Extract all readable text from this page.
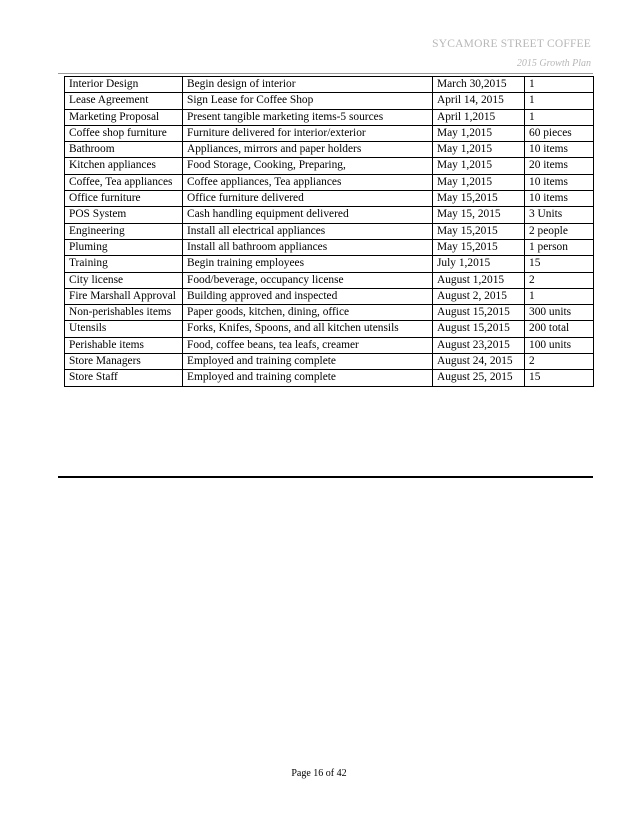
SYCAMORE STREET COFFEE
2015 Growth Plan
Interior Design	Begin design of interior	March 30,2015	1
Lease Agreement	Sign Lease for Coffee Shop	April 14, 2015	1
Marketing Proposal	Present tangible marketing items-5 sources	April 1,2015	1
Coffee shop furniture	Furniture delivered for interior/exterior	May 1,2015	60 pieces
Bathroom	Appliances, mirrors and paper holders	May 1,2015	10 items
Kitchen appliances	Food Storage, Cooking, Preparing,	May 1,2015	20 items
Coffee, Tea appliances	Coffee appliances, Tea appliances	May 1,2015	10 items
Office furniture	Office furniture delivered	May 15,2015	10 items
POS System	Cash handling equipment delivered	May 15, 2015	3 Units
Engineering	Install all electrical appliances	May 15,2015	2 people
Pluming	Install all bathroom appliances	May 15,2015	1 person
Training	Begin training employees	July 1,2015	15
City license	Food/beverage, occupancy license	August 1,2015	2
Fire Marshall Approval	Building approved and inspected	August 2, 2015	1
Non-perishables items	Paper goods, kitchen, dining, office	August 15,2015	300 units
Utensils	Forks, Knifes, Spoons, and all kitchen utensils	August 15,2015	200 total
Perishable items	Food, coffee beans, tea leafs, creamer	August 23,2015	100 units
Store Managers	Employed and training complete	August 24, 2015	2
Store Staff	Employed and training complete	August 25, 2015	15
Page 16 of 42
